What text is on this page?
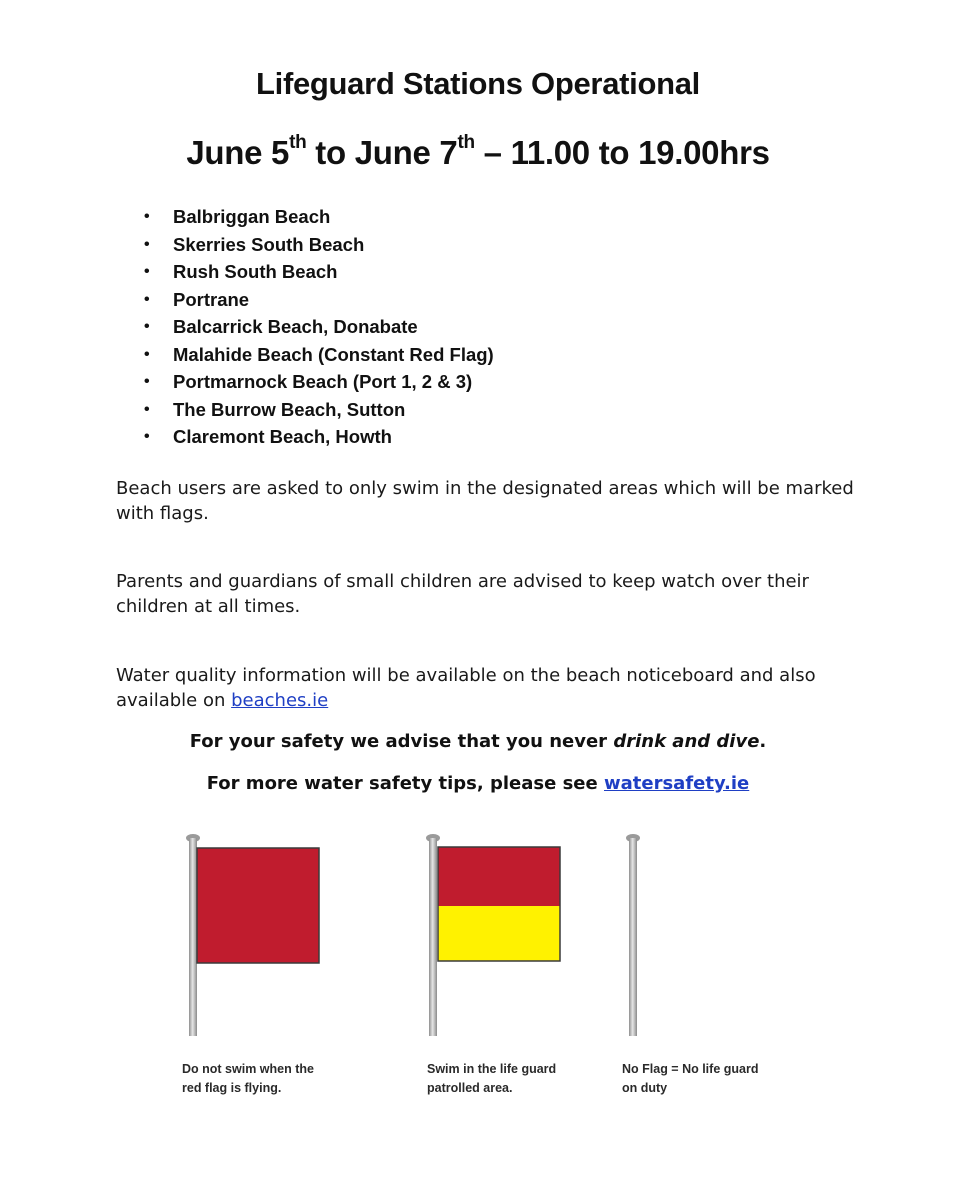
Lifeguard Stations Operational
June 5th to June 7th – 11.00 to 19.00hrs
• Balbriggan Beach
• Skerries South Beach
• Rush South Beach
• Portrane
• Balcarrick Beach, Donabate
• Malahide Beach (Constant Red Flag)
• Portmarnock Beach (Port 1, 2 & 3)
• The Burrow Beach, Sutton
• Claremont Beach, Howth
Beach users are asked to only swim in the designated areas which will be marked with flags.
Parents and guardians of small children are advised to keep watch over their children at all times.
Water quality information will be available on the beach noticeboard and also available on beaches.ie
For your safety we advise that you never drink and dive.
For more water safety tips, please see watersafety.ie
Do not swim when the
red flag is flying.
Swim in the life guard
patrolled area.
No Flag = No life guard
on duty
